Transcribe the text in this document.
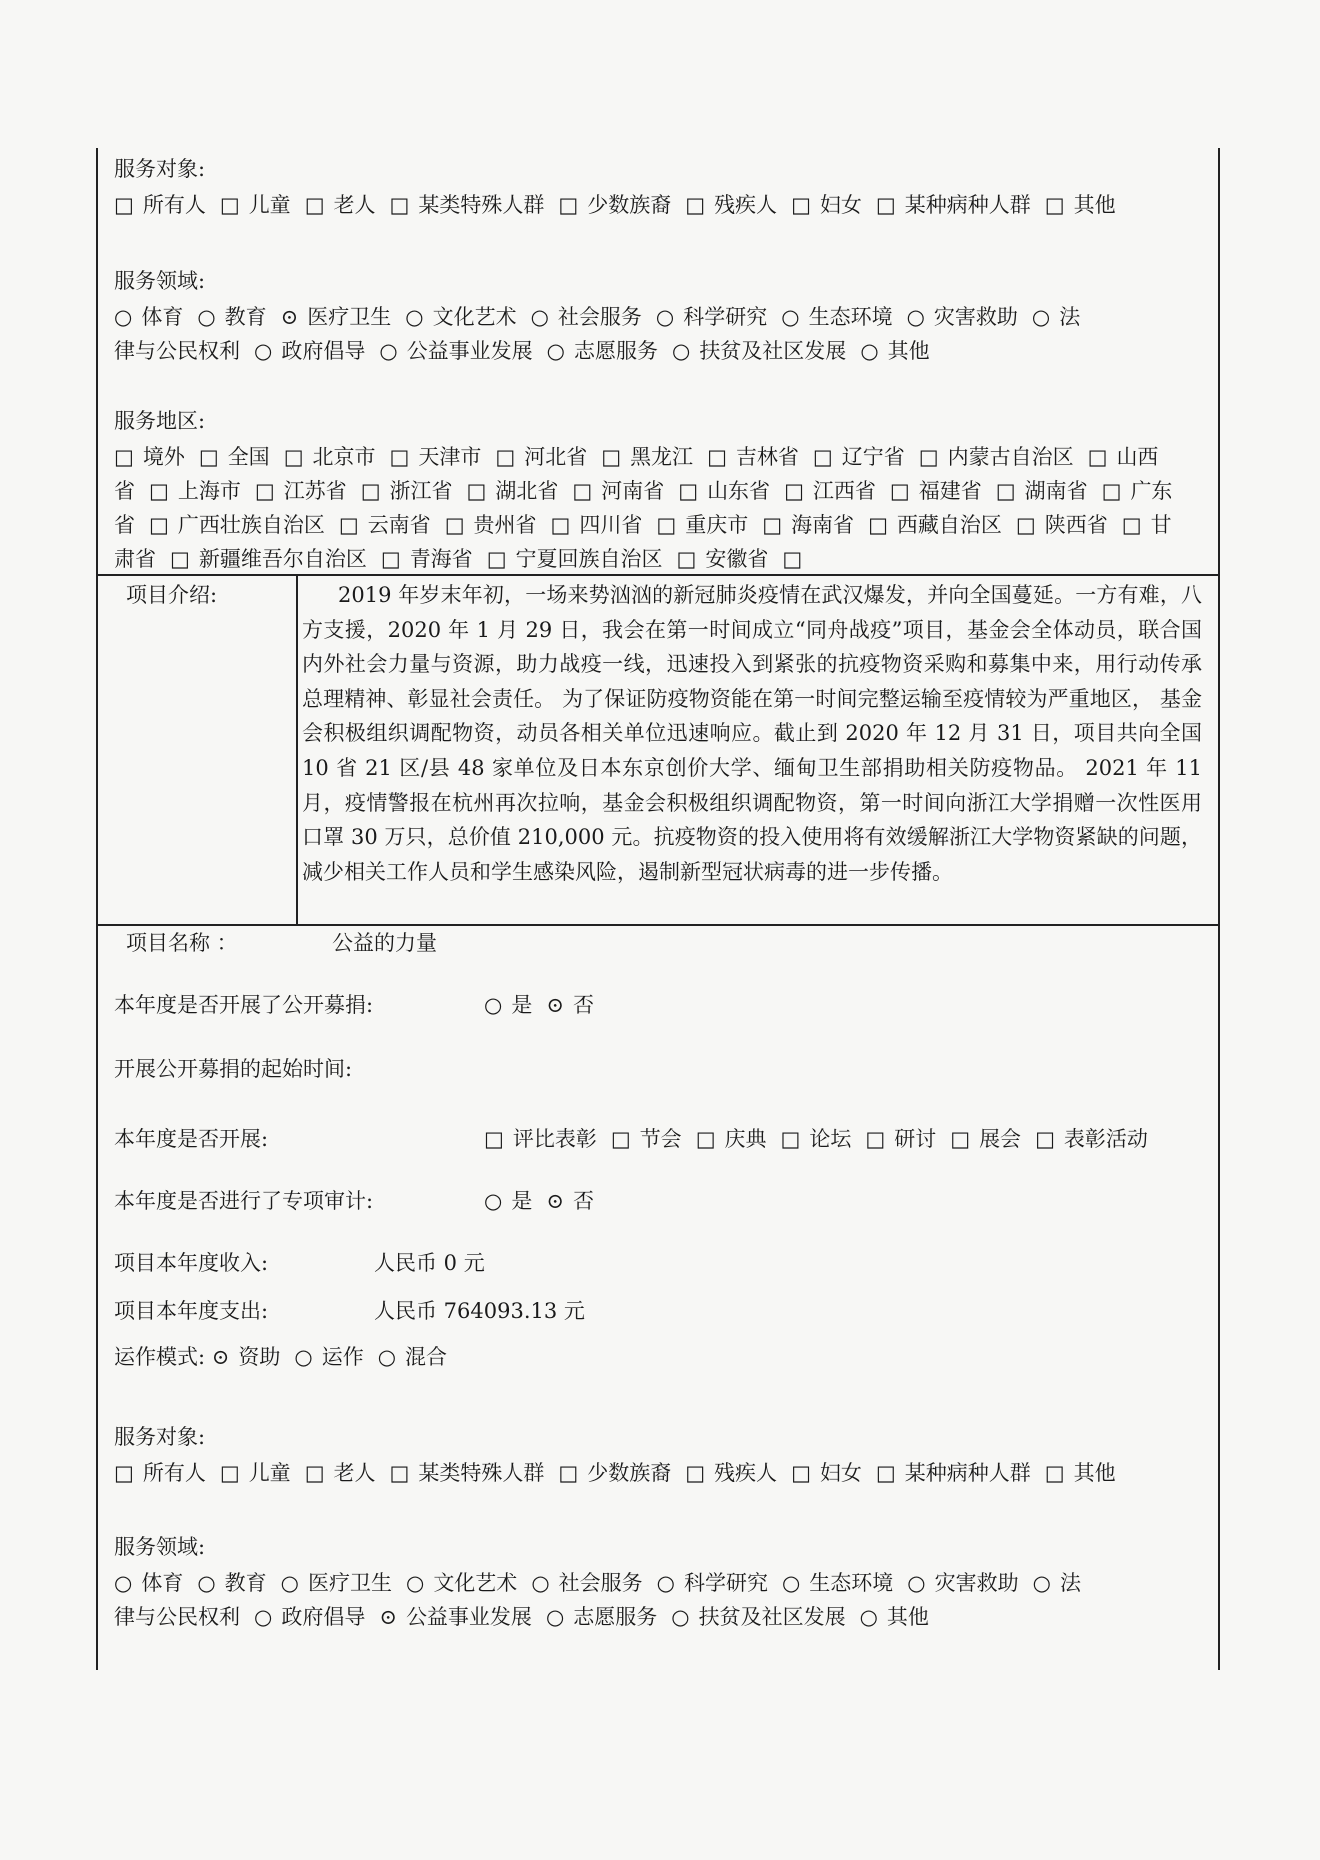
服务对象:
□ 所有人 □ 儿童 □ 老人 □ 某类特殊人群 □ 少数族裔 □ 残疾人 □ 妇女 □ 某种病种人群 □ 其他
服务领域:
○ 体育 ○ 教育 ⊙ 医疗卫生 ○ 文化艺术 ○ 社会服务 ○ 科学研究 ○ 生态环境 ○ 灾害救助 ○ 法
律与公民权利 ○ 政府倡导 ○ 公益事业发展 ○ 志愿服务 ○ 扶贫及社区发展 ○ 其他
服务地区:
□ 境外 □ 全国 □ 北京市 □ 天津市 □ 河北省 □ 黑龙江 □ 吉林省 □ 辽宁省 □ 内蒙古自治区 □ 山西
省 □ 上海市 □ 江苏省 □ 浙江省 □ 湖北省 □ 河南省 □ 山东省 □ 江西省 □ 福建省 □ 湖南省 □ 广东
省 □ 广西壮族自治区 □ 云南省 □ 贵州省 □ 四川省 □ 重庆市 □ 海南省 □ 西藏自治区 □ 陕西省 □ 甘
肃省 □ 新疆维吾尔自治区 □ 青海省 □ 宁夏回族自治区 □ 安徽省 □
项目介绍:	2019 年岁末年初，一场来势汹汹的新冠肺炎疫情在武汉爆发，并向全国蔓延。一方有难，八方支援，2020 年 1 月 29 日，我会在第一时间成立“同舟战疫”项目，基金会全体动员，联合国内外社会力量与资源，助力战疫一线，迅速投入到紧张的抗疫物资采购和募集中来，用行动传承总理精神、彰显社会责任。 为了保证防疫物资能在第一时间完整运输至疫情较为严重地区， 基金会积极组织调配物资，动员各相关单位迅速响应。截止到 2020 年 12 月 31 日，项目共向全国 10 省 21 区/县 48 家单位及日本东京创价大学、缅甸卫生部捐助相关防疫物品。 2021 年 11 月，疫情警报在杭州再次拉响，基金会积极组织调配物资，第一时间向浙江大学捐赠一次性医用口罩 30 万只，总价值 210,000 元。抗疫物资的投入使用将有效缓解浙江大学物资紧缺的问题，减少相关工作人员和学生感染风险，遏制新型冠状病毒的进一步传播。
项目名称 ：	公益的力量
本年度是否开展了公开募捐:	○ 是 ⊙ 否
开展公开募捐的起始时间:
本年度是否开展:	□ 评比表彰 □ 节会 □ 庆典 □ 论坛 □ 研讨 □ 展会 □ 表彰活动
本年度是否进行了专项审计:	○ 是 ⊙ 否
项目本年度收入:	人民币 0 元
项目本年度支出:	人民币 764093.13 元
运作模式: ⊙ 资助 ○ 运作 ○ 混合
服务对象:
□ 所有人 □ 儿童 □ 老人 □ 某类特殊人群 □ 少数族裔 □ 残疾人 □ 妇女 □ 某种病种人群 □ 其他
服务领域:
○ 体育 ○ 教育 ○ 医疗卫生 ○ 文化艺术 ○ 社会服务 ○ 科学研究 ○ 生态环境 ○ 灾害救助 ○ 法
律与公民权利 ○ 政府倡导 ⊙ 公益事业发展 ○ 志愿服务 ○ 扶贫及社区发展 ○ 其他
